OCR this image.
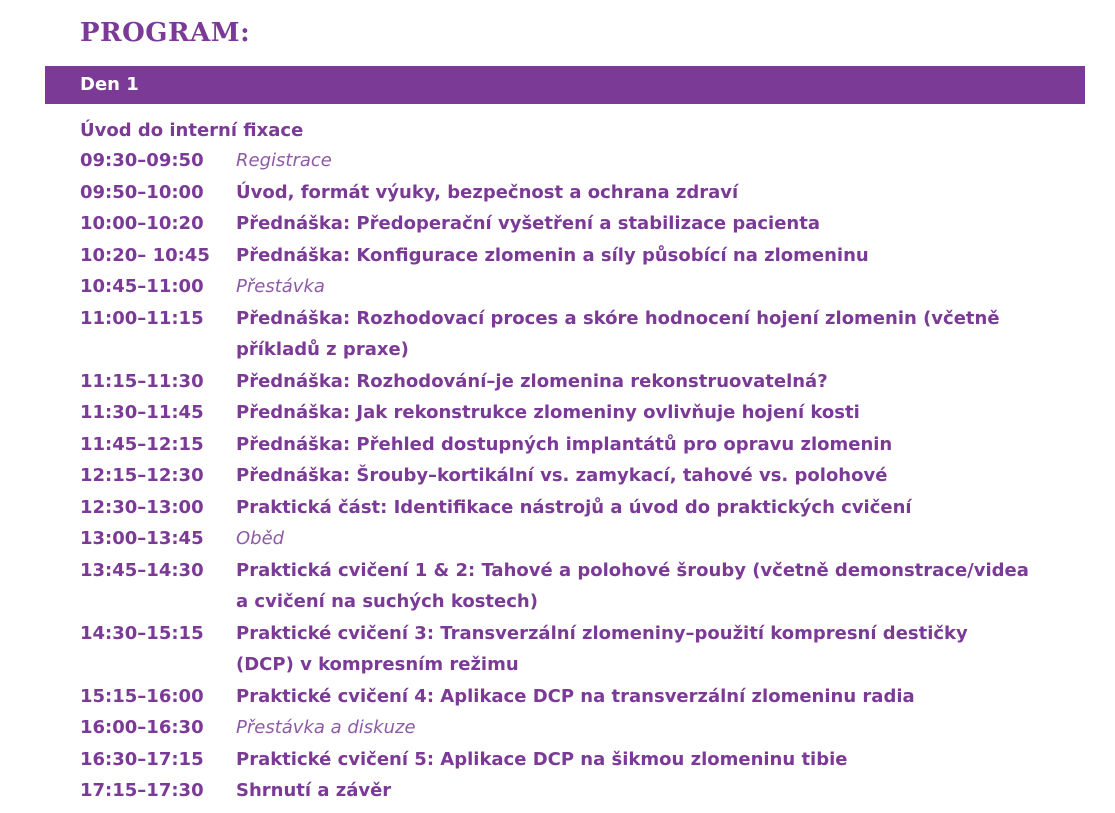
PROGRAM:
Den 1
Úvod do interní fixace
09:30–09:50	Registrace
09:50–10:00	Úvod, formát výuky, bezpečnost a ochrana zdraví
10:00–10:20	Přednáška: Předoperační vyšetření a stabilizace pacienta
10:20– 10:45	Přednáška: Konfigurace zlomenin a síly působící na zlomeninu
10:45–11:00	Přestávka
11:00–11:15	Přednáška: Rozhodovací proces a skóre hodnocení hojení zlomenin (včetně příkladů z praxe)
11:15–11:30	Přednáška: Rozhodování–je zlomenina rekonstruovatelná?
11:30–11:45	Přednáška: Jak rekonstrukce zlomeniny ovlivňuje hojení kosti
11:45–12:15	Přednáška: Přehled dostupných implantátů pro opravu zlomenin
12:15–12:30	Přednáška: Šrouby–kortikální vs. zamykací, tahové vs. polohové
12:30–13:00	Praktická část: Identifikace nástrojů a úvod do praktických cvičení
13:00–13:45	Oběd
13:45–14:30	Praktická cvičení 1 & 2: Tahové a polohové šrouby (včetně demonstrace/videa a cvičení na suchých kostech)
14:30–15:15	Praktické cvičení 3: Transverzální zlomeniny–použití kompresní destičky (DCP) v kompresním režimu
15:15–16:00	Praktické cvičení 4: Aplikace DCP na transverzální zlomeninu radia
16:00–16:30	Přestávka a diskuze
16:30–17:15	Praktické cvičení 5: Aplikace DCP na šikmou zlomeninu tibie
17:15–17:30	Shrnutí a závěr
